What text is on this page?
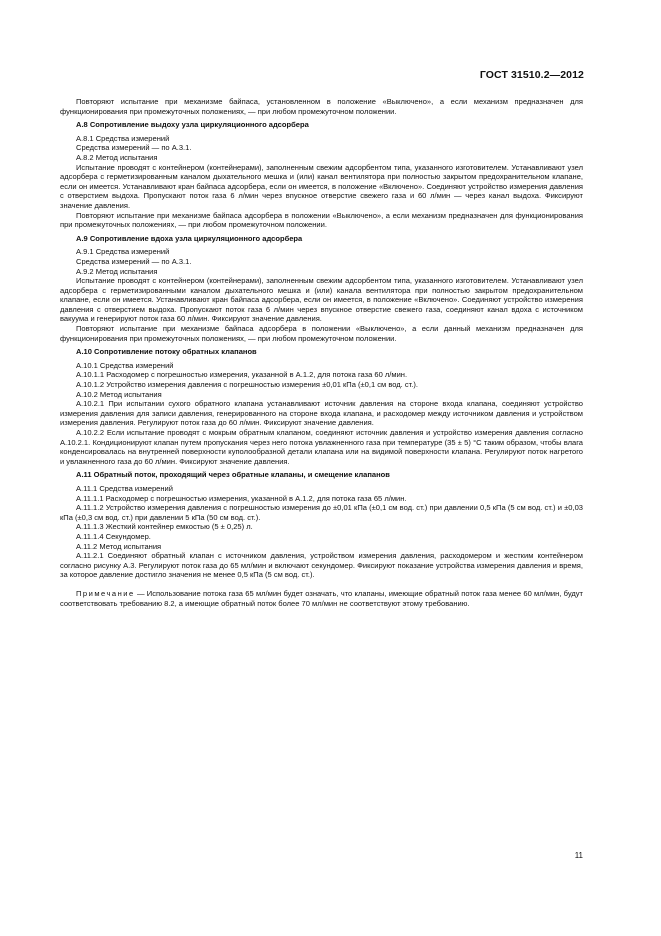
ГОСТ 31510.2—2012

Повторяют испытание при механизме байпаса, установленном в положение «Выключено», а если механизм предназначен для функционирования при промежуточных положениях, — при любом промежуточном положении.

А.8 Сопротивление выдоху узла циркуляционного адсорбера

А.8.1 Средства измерений

Средства измерений — по А.3.1.

А.8.2 Метод испытания

Испытание проводят с контейнером (контейнерами), заполненным свежим адсорбентом типа, указанного изготовителем. Устанавливают узел адсорбера с герметизированным каналом дыхательного мешка и (или) канал вентилятора при полностью закрытом предохранительном клапане, если он имеется. Устанавливают кран байпаса адсорбера, если он имеется, в положение «Включено». Соединяют устройство измерения давления с отверстием выдоха. Пропускают поток газа 6 л/мин через впускное отверстие свежего газа и 60 л/мин — через канал выдоха. Фиксируют значение давления.

Повторяют испытание при механизме байпаса адсорбера в положении «Выключено», а если механизм предназначен для функционирования при промежуточных положениях, — при любом промежуточном положении.

А.9 Сопротивление вдоха узла циркуляционного адсорбера

А.9.1 Средства измерений

Средства измерений — по А.3.1.

А.9.2 Метод испытания

Испытание проводят с контейнером (контейнерами), заполненным свежим адсорбентом типа, указанного изготовителем. Устанавливают узел адсорбера с герметизированными каналом дыхательного мешка и (или) канала вентилятора при полностью закрытом предохранительном клапане, если он имеется. Устанавливают кран байпаса адсорбера, если он имеется, в положение «Включено». Соединяют устройство измерения давления с отверстием выдоха. Пропускают поток газа 6 л/мин через впускное отверстие свежего газа, соединяют канал вдоха с источником вакуума и генерируют поток газа 60 л/мин. Фиксируют значение давления.

Повторяют испытание при механизме байпаса адсорбера в положении «Выключено», а если данный механизм предназначен для функционирования при промежуточных положениях, — при любом промежуточном положении.

А.10 Сопротивление потоку обратных клапанов

А.10.1 Средства измерений

А.10.1.1 Расходомер с погрешностью измерения, указанной в А.1.2, для потока газа 60 л/мин.

А.10.1.2 Устройство измерения давления с погрешностью измерения ±0,01 кПа (±0,1 см вод. ст.).

А.10.2 Метод испытания

А.10.2.1 При испытании сухого обратного клапана устанавливают источник давления на стороне входа клапана, соединяют устройство измерения давления для записи давления, генерированного на стороне входа клапана, и расходомер между источником давления и устройством измерения давления. Регулируют поток газа до 60 л/мин. Фиксируют значение давления.

А.10.2.2 Если испытание проводят с мокрым обратным клапаном, соединяют источник давления и устройство измерения давления согласно А.10.2.1. Кондиционируют клапан путем пропускания через него потока увлажненного газа при температуре (35 ± 5) °С таким образом, чтобы влага конденсировалась на внутренней поверхности куполообразной детали клапана или на видимой поверхности клапана. Регулируют поток нагретого и увлажненного газа до 60 л/мин. Фиксируют значение давления.

А.11 Обратный поток, проходящий через обратные клапаны, и смещение клапанов

А.11.1 Средства измерений

А.11.1.1 Расходомер с погрешностью измерения, указанной в А.1.2, для потока газа 65 л/мин.

А.11.1.2 Устройство измерения давления с погрешностью измерения до ±0,01 кПа (±0,1 см вод. ст.) при давлении 0,5 кПа (5 см вод. ст.) и ±0,03 кПа (±0,3 см вод. ст.) при давлении 5 кПа (50 см вод. ст.).

А.11.1.3 Жесткий контейнер емкостью (5 ± 0,25) л.

А.11.1.4 Секундомер.

А.11.2 Метод испытания

А.11.2.1 Соединяют обратный клапан с источником давления, устройством измерения давления, расходомером и жестким контейнером согласно рисунку А.3. Регулируют поток газа до 65 мл/мин и включают секундомер. Фиксируют показание устройства измерения давления и время, за которое давление достигло значения не менее 0,5 кПа (5 см вод. ст.).

Примечание — Использование потока газа 65 мл/мин будет означать, что клапаны, имеющие обратный поток газа менее 60 мл/мин, будут соответствовать требованию 8.2, а имеющие обратный поток более 70 мл/мин не соответствуют этому требованию.

11
